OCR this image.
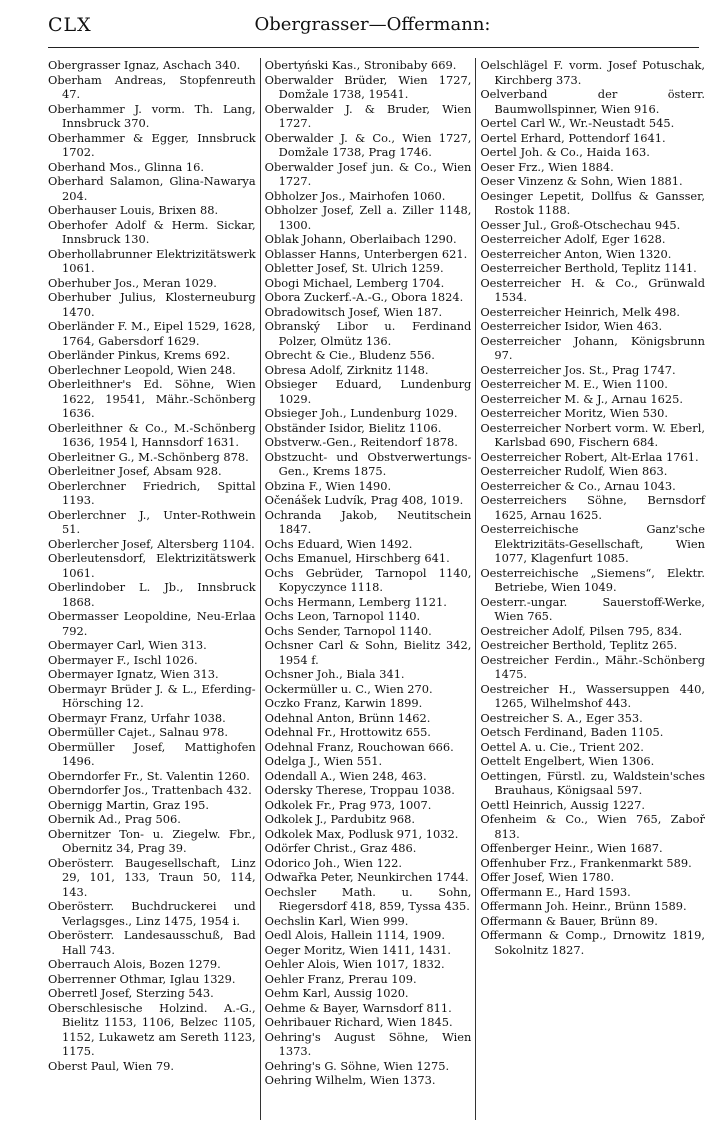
CLX	Obergrasser—Offermann:
Obergrasser Ignaz, Aschach 340.
Oberham Andreas, Stopfenreuth 47.
Oberhammer J. vorm. Th. Lang, Innsbruck 370.
Oberhammer & Egger, Innsbruck 1702.
Oberhand Mos., Glinna 16.
Oberhard Salamon, Glina-Nawarya 204.
Oberhauser Louis, Brixen 88.
Oberhofer Adolf & Herm. Sickar, Innsbruck 130.
Oberhollabrunner Elektrizitätswerk 1061.
Oberhuber Jos., Meran 1029.
Oberhuber Julius, Klosterneuburg 1470.
Oberländer F. M., Eipel 1529, 1628, 1764, Gabersdorf 1629.
Oberländer Pinkus, Krems 692.
Oberlechner Leopold, Wien 248.
Oberleithner's Ed. Söhne, Wien 1622, 19541, Mähr.-Schönberg 1636.
Oberleithner & Co., M.-Schönberg 1636, 1954 l, Hannsdorf 1631.
Oberleitner G., M.-Schönberg 878.
Oberleitner Josef, Absam 928.
Oberlerchner Friedrich, Spittal 1193.
Oberlerchner J., Unter-Rothwein 51.
Oberlercher Josef, Altersberg 1104.
Oberleutensdorf, Elektrizitätswerk 1061.
Oberlindober L. Jb., Innsbruck 1868.
Obermasser Leopoldine, Neu-Erlaa 792.
Obermayer Carl, Wien 313.
Obermayer F., Ischl 1026.
Obermayer Ignatz, Wien 313.
Obermayr Brüder J. & L., Eferding-Hörsching 12.
Obermayr Franz, Urfahr 1038.
Obermüller Cajet., Salnau 978.
Obermüller Josef, Mattighofen 1496.
Oberndorfer Fr., St. Valentin 1260.
Oberndorfer Jos., Trattenbach 432.
Obernigg Martin, Graz 195.
Obernik Ad., Prag 506.
Obernitzer Ton- u. Ziegelw. Fbr., Obernitz 34, Prag 39.
Oberösterr. Baugesellschaft, Linz 29, 101, 133, Traun 50, 114, 143.
Oberösterr. Buchdruckerei und Verlagsges., Linz 1475, 1954 i.
Oberösterr. Landesausschuß, Bad Hall 743.
Oberrauch Alois, Bozen 1279.
Oberrenner Othmar, Iglau 1329.
Oberretl Josef, Sterzing 543.
Oberschlesische Holzind. A.-G., Bielitz 1153, 1106, Belzec 1105, 1152, Lukawetz am Sereth 1123, 1175.
Oberst Paul, Wien 79.
Obertyński Kas., Stronibaby 669.
Oberwalder Brüder, Wien 1727, Domžale 1738, 19541.
Oberwalder J. & Bruder, Wien 1727.
Oberwalder J. & Co., Wien 1727, Domžale 1738, Prag 1746.
Oberwalder Josef jun. & Co., Wien 1727.
Obholzer Jos., Mairhofen 1060.
Obholzer Josef, Zell a. Ziller 1148, 1300.
Oblak Johann, Oberlaibach 1290.
Oblasser Hanns, Unterbergen 621.
Obletter Josef, St. Ulrich 1259.
Obogi Michael, Lemberg 1704.
Obora Zuckerf.-A.-G., Obora 1824.
Obradowitsch Josef, Wien 187.
Obranský Libor u. Ferdinand Polzer, Olmütz 136.
Obrecht & Cie., Bludenz 556.
Obresa Adolf, Zirknitz 1148.
Obsieger Eduard, Lundenburg 1029.
Obsieger Joh., Lundenburg 1029.
Obständer Isidor, Bielitz 1106.
Obstverw.-Gen., Reitendorf 1878.
Obstzucht- und Obstverwertungs-Gen., Krems 1875.
Obzina F., Wien 1490.
Očenášek Ludvík, Prag 408, 1019.
Ochranda Jakob, Neutitschein 1847.
Ochs Eduard, Wien 1492.
Ochs Emanuel, Hirschberg 641.
Ochs Gebrüder, Tarnopol 1140, Kopyczynce 1118.
Ochs Hermann, Lemberg 1121.
Ochs Leon, Tarnopol 1140.
Ochs Sender, Tarnopol 1140.
Ochsner Carl & Sohn, Bielitz 342, 1954 f.
Ochsner Joh., Biala 341.
Ockermüller u. C., Wien 270.
Oczko Franz, Karwin 1899.
Odehnal Anton, Brünn 1462.
Odehnal Fr., Hrottowitz 655.
Odehnal Franz, Rouchowan 666.
Odelga J., Wien 551.
Odendall A., Wien 248, 463.
Odersky Therese, Troppau 1038.
Odkolek Fr., Prag 973, 1007.
Odkolek J., Pardubitz 968.
Odkolek Max, Podlusk 971, 1032.
Odörfer Christ., Graz 486.
Odorico Joh., Wien 122.
Odwařka Peter, Neunkirchen 1744.
Oechsler Math. u. Sohn, Riegersdorf 418, 859, Tyssa 435.
Oechslin Karl, Wien 999.
Oedl Alois, Hallein 1114, 1909.
Oeger Moritz, Wien 1411, 1431.
Oehler Alois, Wien 1017, 1832.
Oehler Franz, Prerau 109.
Oehm Karl, Aussig 1020.
Oehme & Bayer, Warnsdorf 811.
Oehribauer Richard, Wien 1845.
Oehring's August Söhne, Wien 1373.
Oehring's G. Söhne, Wien 1275.
Oehring Wilhelm, Wien 1373.
Oelschlägel F. vorm. Josef Potuschak, Kirchberg 373.
Oelverband der österr. Baumwollspinner, Wien 916.
Oertel Carl W., Wr.-Neustadt 545.
Oertel Erhard, Pottendorf 1641.
Oertel Joh. & Co., Haida 163.
Oeser Frz., Wien 1884.
Oeser Vinzenz & Sohn, Wien 1881.
Oesinger Lepetit, Dollfus & Gansser, Rostok 1188.
Oesser Jul., Groß-Otschechau 945.
Oesterreicher Adolf, Eger 1628.
Oesterreicher Anton, Wien 1320.
Oesterreicher Berthold, Teplitz 1141.
Oesterreicher H. & Co., Grünwald 1534.
Oesterreicher Heinrich, Melk 498.
Oesterreicher Isidor, Wien 463.
Oesterreicher Johann, Königsbrunn 97.
Oesterreicher Jos. St., Prag 1747.
Oesterreicher M. E., Wien 1100.
Oesterreicher M. & J., Arnau 1625.
Oesterreicher Moritz, Wien 530.
Oesterreicher Norbert vorm. W. Eberl, Karlsbad 690, Fischern 684.
Oesterreicher Robert, Alt-Erlaa 1761.
Oesterreicher Rudolf, Wien 863.
Oesterreicher & Co., Arnau 1043.
Oesterreichers Söhne, Bernsdorf 1625, Arnau 1625.
Oesterreichische Ganz'sche Elektrizitäts-Gesellschaft, Wien 1077, Klagenfurt 1085.
Oesterreichische „Siemens“, Elektr. Betriebe, Wien 1049.
Oesterr.-ungar. Sauerstoff-Werke, Wien 765.
Oestreicher Adolf, Pilsen 795, 834.
Oestreicher Berthold, Teplitz 265.
Oestreicher Ferdin., Mähr.-Schönberg 1475.
Oestreicher H., Wassersuppen 440, 1265, Wilhelmshof 443.
Oestreicher S. A., Eger 353.
Oetsch Ferdinand, Baden 1105.
Oettel A. u. Cie., Trient 202.
Oettelt Engelbert, Wien 1306.
Oettingen, Fürstl. zu, Waldstein'sches Brauhaus, Königsaal 597.
Oettl Heinrich, Aussig 1227.
Ofenheim & Co., Wien 765, Zaboř 813.
Offenberger Heinr., Wien 1687.
Offenhuber Frz., Frankenmarkt 589.
Offer Josef, Wien 1780.
Offermann E., Hard 1593.
Offermann Joh. Heinr., Brünn 1589.
Offermann & Bauer, Brünn 89.
Offermann & Comp., Drnowitz 1819, Sokolnitz 1827.
